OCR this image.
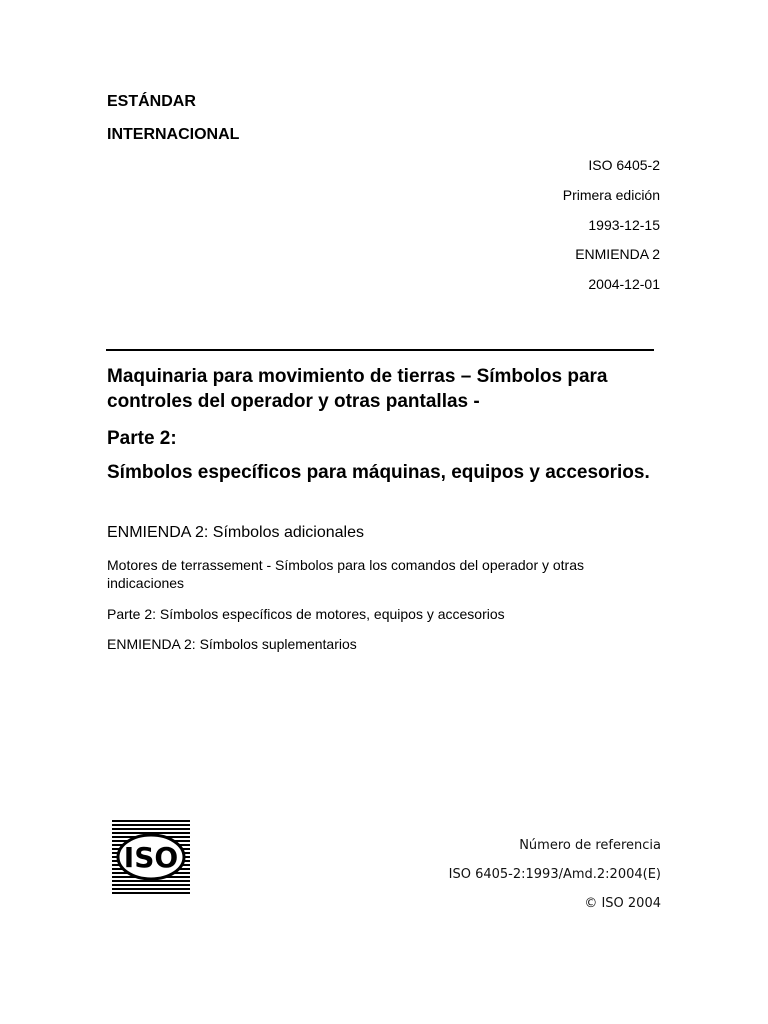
ESTÁNDAR
INTERNACIONAL
ISO 6405-2
Primera edición
1993-12-15
ENMIENDA 2
2004-12-01

Maquinaria para movimiento de tierras – Símbolos para controles del operador y otras pantallas -

Parte 2:

Símbolos específicos para máquinas, equipos y accesorios.

ENMIENDA 2: Símbolos adicionales
Motores de terrassement - Símbolos para los comandos del operador y otras indicaciones
Parte 2: Símbolos específicos de motores, equipos y accesorios
ENMIENDA 2: Símbolos suplementarios
ISO	Número de referencia
ISO 6405-2:1993/Amd.2:2004(E)
© ISO 2004
